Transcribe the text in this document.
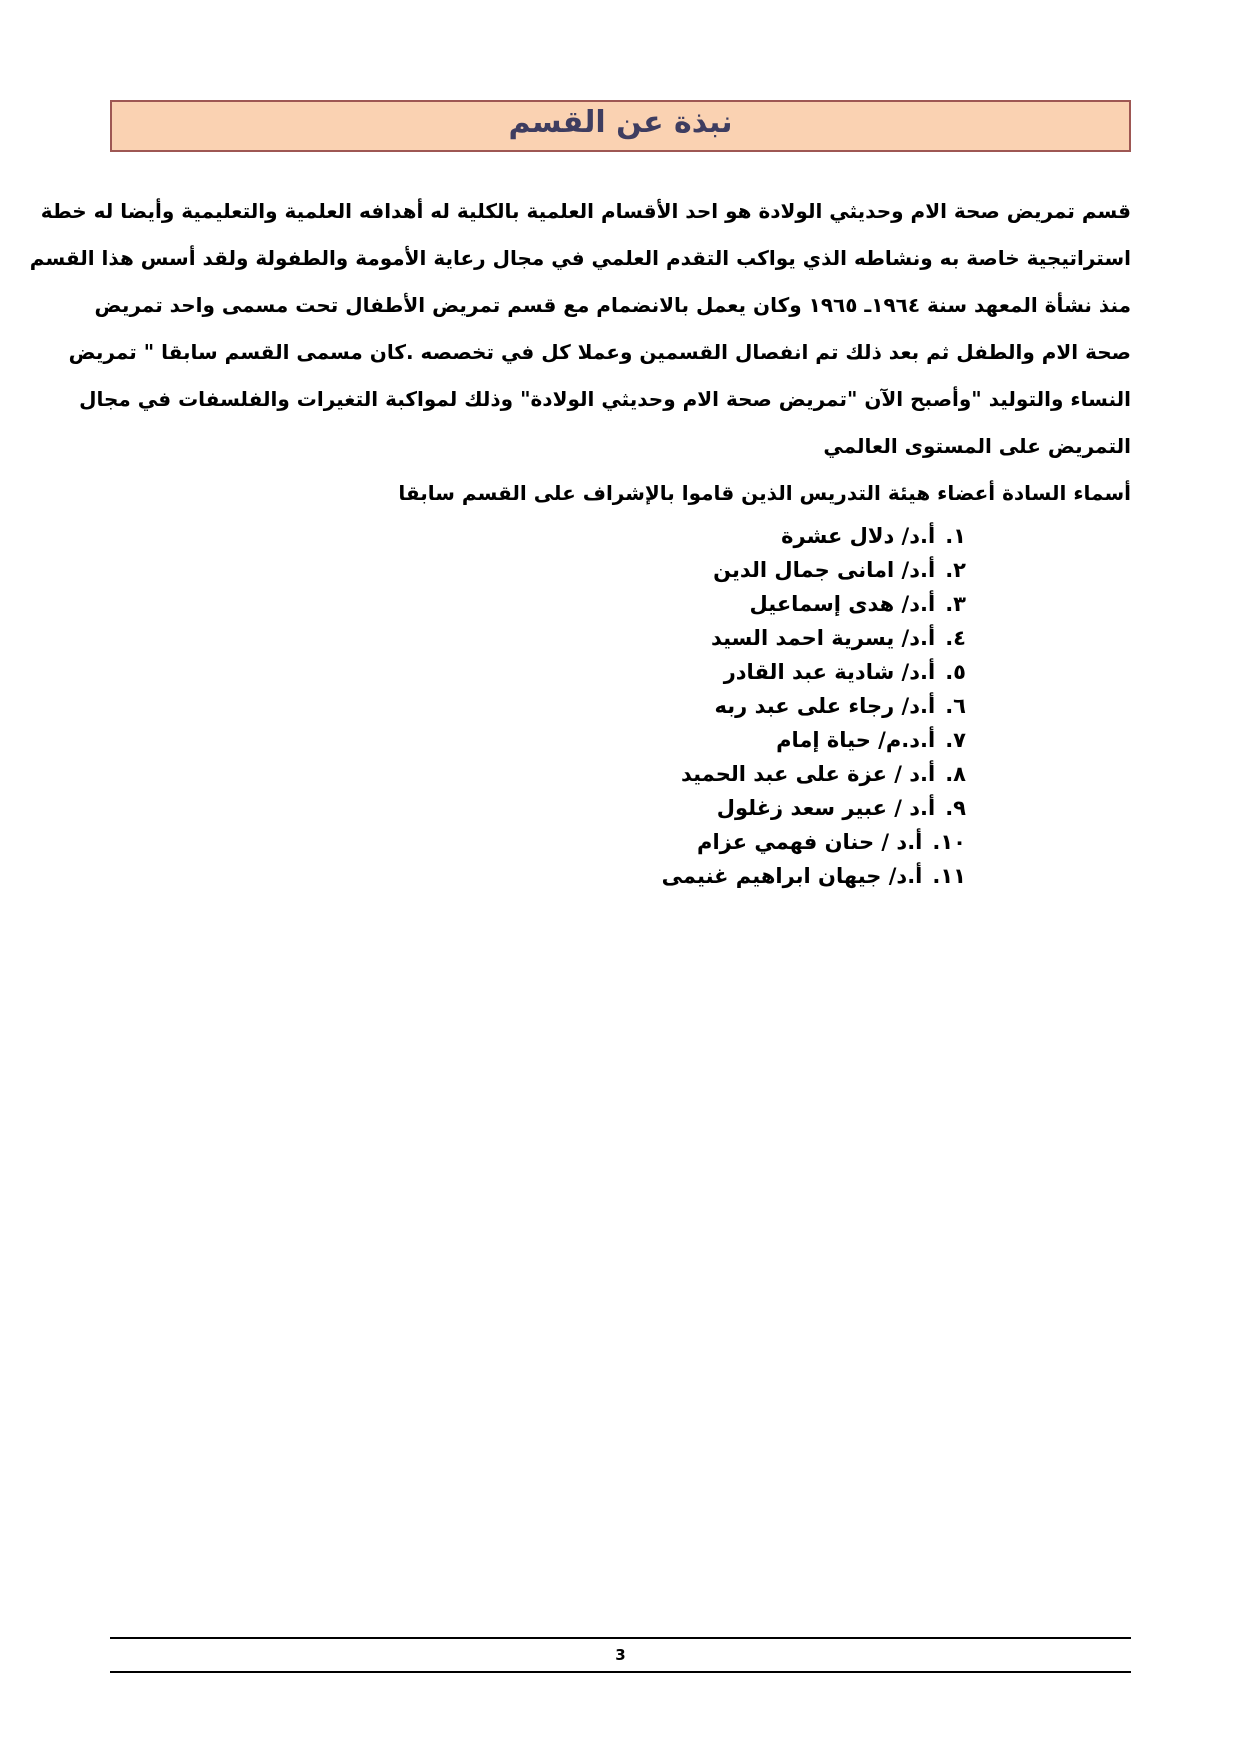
نبذة عن القسم
قسم تمريض صحة الام وحديثي الولادة هو احد الأقسام العلمية بالكلية له أهدافه العلمية والتعليمية وأيضا له خطة
استراتيجية خاصة به ونشاطه الذي يواكب التقدم العلمي في مجال رعاية الأمومة والطفولة ولقد أسس هذا القسم
منذ نشأة المعهد سنة ١٩٦٤ـ ١٩٦٥ وكان يعمل بالانضمام مع قسم تمريض الأطفال تحت مسمى واحد تمريض
صحة الام والطفل ثم بعد ذلك تم انفصال القسمين وعملا كل في تخصصه .كان مسمى القسم سابقا " تمريض
النساء والتوليد "وأصبح الآن "تمريض صحة الام وحديثي الولادة" وذلك لمواكبة التغيرات والفلسفات في مجال
التمريض على المستوى العالمي
أسماء السادة أعضاء هيئة التدريس الذين قاموا بالإشراف على القسم سابقا
١.أ.د/ دلال عشرة
٢.أ.د/ امانى جمال الدين
٣.أ.د/ هدى إسماعيل
٤.أ.د/ يسرية احمد السيد
٥.أ.د/ شادية عبد القادر
٦.أ.د/ رجاء على عبد ربه
٧.أ.د.م/ حياة إمام
٨.أ.د / عزة على عبد الحميد
٩.أ.د / عبير سعد زغلول
١٠.أ.د / حنان فهمي عزام
١١.أ.د/ جيهان ابراهيم غنيمى
3
